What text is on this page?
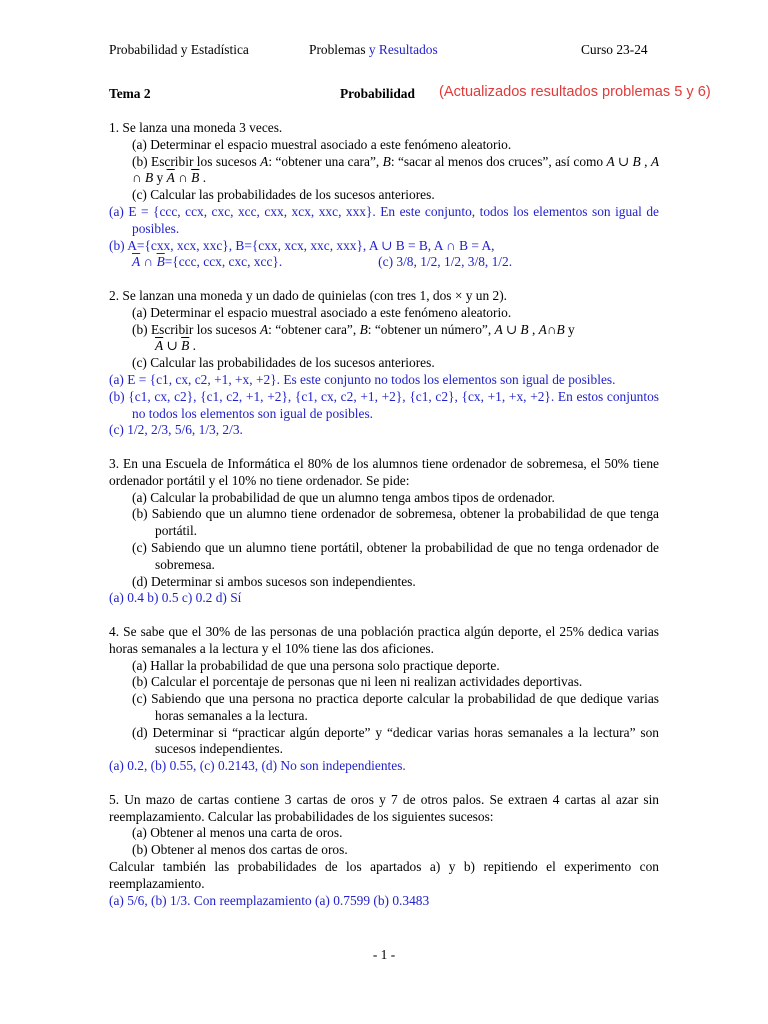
Probabilidad y Estadística	Problemas y Resultados	Curso 23-24
Tema 2	Probabilidad (Actualizados resultados problemas 5 y 6)

1. Se lanza una moneda 3 veces.

(a) Determinar el espacio muestral asociado a este fenómeno aleatorio.

(b) Escribir los sucesos A: “obtener una cara”, B: “sacar al menos dos cruces”, así como A ∪ B , A ∩ B y $\overline{A}$ ∩ $\overline{B}$ .

(c) Calcular las probabilidades de los sucesos anteriores.

(a) E = {ccc, ccx, cxc, xcc, cxx, xcx, xxc, xxx}. En este conjunto, todos los elementos son igual de posibles.

(b) A={cxx, xcx, xxc}, B={cxx, xcx, xxc, xxx}, A ∪ B = B, A ∩ B = A,
$\overline{A}$ ∩ $\overline{B}=\{ccc$, ccx, cxc, xcc}.	(c) 3/8, 1/2, 1/2, 3/8, 1/2.

2. Se lanzan una moneda y un dado de quinielas (con tres 1, dos × y un 2).

(a) Determinar el espacio muestral asociado a este fenómeno aleatorio.

(b) Escribir los sucesos A: “obtener cara”, B: “obtener un número”, A ∪ B , A∩B y
$\overline{A}$ ∪ $\overline{B}$ .

(c) Calcular las probabilidades de los sucesos anteriores.

(a) E = {c1, cx, c2, +1, +x, +2}. Es este conjunto no todos los elementos son igual de posibles.

(b) {c1, cx, c2}, {c1, c2, +1, +2}, {c1, cx, c2, +1, +2}, {c1, c2}, {cx, +1, +x, +2}. En estos conjuntos no todos los elementos son igual de posibles.

(c) 1/2, 2/3, 5/6, 1/3, 2/3.

3. En una Escuela de Informática el 80% de los alumnos tiene ordenador de sobremesa, el 50% tiene ordenador portátil y el 10% no tiene ordenador. Se pide:

(a) Calcular la probabilidad de que un alumno tenga ambos tipos de ordenador.

(b) Sabiendo que un alumno tiene ordenador de sobremesa, obtener la probabilidad de que tenga portátil.

(c) Sabiendo que un alumno tiene portátil, obtener la probabilidad de que no tenga ordenador de sobremesa.

(d) Determinar si ambos sucesos son independientes.

(a) 0.4 b) 0.5 c) 0.2 d) Sí

4. Se sabe que el 30% de las personas de una población practica algún deporte, el 25% dedica varias horas semanales a la lectura y el 10% tiene las dos aficiones.

(a) Hallar la probabilidad de que una persona solo practique deporte.

(b) Calcular el porcentaje de personas que ni leen ni realizan actividades deportivas.

(c) Sabiendo que una persona no practica deporte calcular la probabilidad de que dedique varias horas semanales a la lectura.

(d) Determinar si “practicar algún deporte” y “dedicar varias horas semanales a la lectura” son sucesos independientes.

(a) 0.2, (b) 0.55, (c) 0.2143, (d) No son independientes.

5. Un mazo de cartas contiene 3 cartas de oros y 7 de otros palos. Se extraen 4 cartas al azar sin reemplazamiento. Calcular las probabilidades de los siguientes sucesos:

(a) Obtener al menos una carta de oros.

(b) Obtener al menos dos cartas de oros.

Calcular también las probabilidades de los apartados a) y b) repitiendo el experimento con reemplazamiento.

(a) 5/6, (b) 1/3. Con reemplazamiento (a) 0.7599 (b) 0.3483

- 1 -
